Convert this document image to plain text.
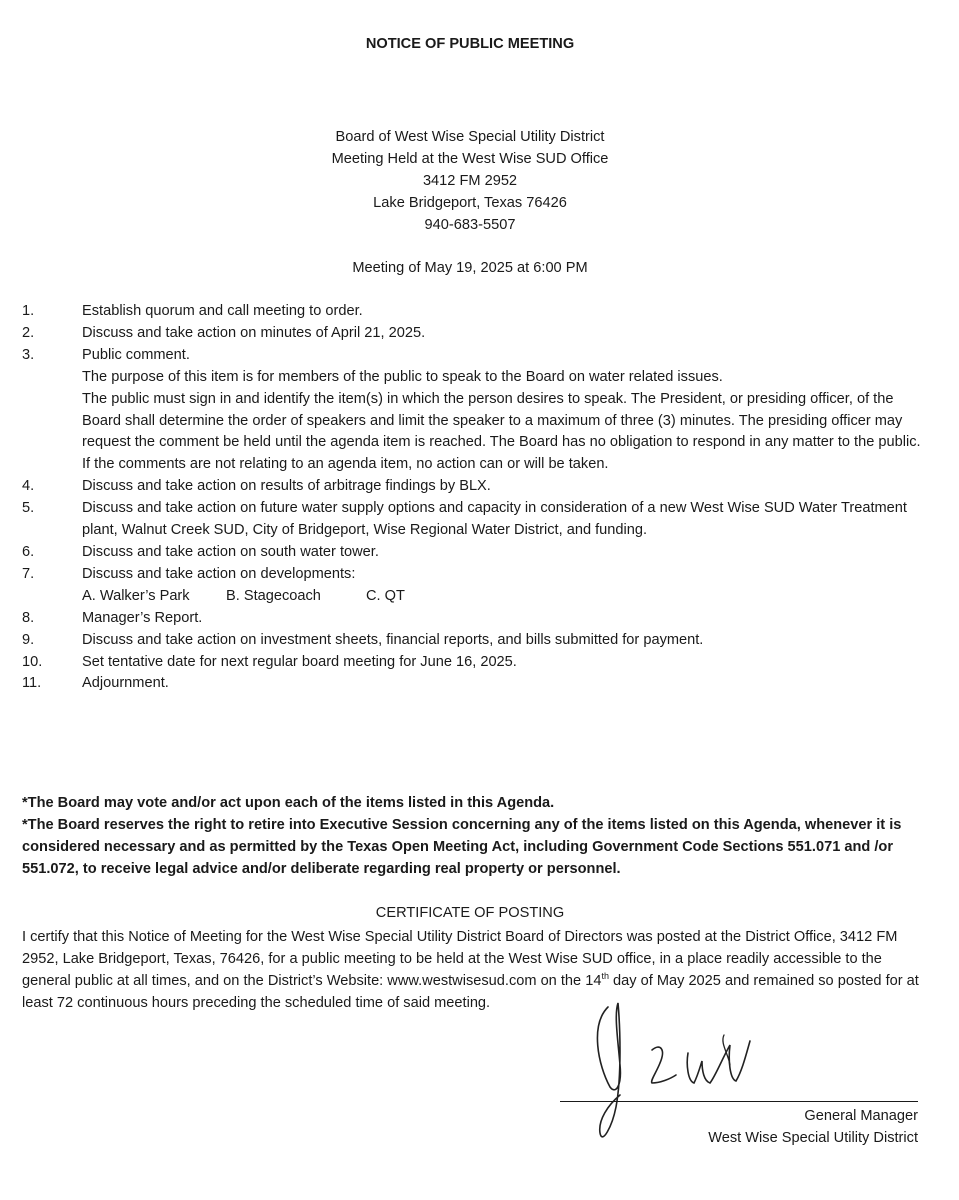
NOTICE OF PUBLIC MEETING
Board of West Wise Special Utility District
Meeting Held at the West Wise SUD Office
3412 FM 2952
Lake Bridgeport, Texas 76426
940-683-5507
Meeting of May 19, 2025 at 6:00 PM
1.	Establish quorum and call meeting to order.
2.	Discuss and take action on minutes of April 21, 2025.
3.	Public comment.
The purpose of this item is for members of the public to speak to the Board on water related issues.
The public must sign in and identify the item(s) in which the person desires to speak. The President, or presiding officer, of the Board shall determine the order of speakers and limit the speaker to a maximum of three (3) minutes. The presiding officer may request the comment be held until the agenda item is reached. The Board has no obligation to respond in any matter to the public. If the comments are not relating to an agenda item, no action can or will be taken.
4.	Discuss and take action on results of arbitrage findings by BLX.
5.	Discuss and take action on future water supply options and capacity in consideration of a new West Wise SUD Water Treatment plant, Walnut Creek SUD, City of Bridgeport, Wise Regional Water District, and funding.
6.	Discuss and take action on south water tower.
7.	Discuss and take action on developments:
A. Walker’s Park B. Stagecoach	C. QT
8.	Manager’s Report.
9.	Discuss and take action on investment sheets, financial reports, and bills submitted for payment.
10.	Set tentative date for next regular board meeting for June 16, 2025.
11.	Adjournment.
*The Board may vote and/or act upon each of the items listed in this Agenda.
*The Board reserves the right to retire into Executive Session concerning any of the items listed on this Agenda, whenever it is considered necessary and as permitted by the Texas Open Meeting Act, including Government Code Sections 551.071 and /or 551.072, to receive legal advice and/or deliberate regarding real property or personnel.
CERTIFICATE OF POSTING
I certify that this Notice of Meeting for the West Wise Special Utility District Board of Directors was posted at the District Office, 3412 FM 2952, Lake Bridgeport, Texas, 76426, for a public meeting to be held at the West Wise SUD office, in a place readily accessible to the general public at all times, and on the District’s Website: www.westwisesud.com on the 14th day of May 2025 and remained so posted for at least 72 continuous hours preceding the scheduled time of said meeting.
General Manager
West Wise Special Utility District
